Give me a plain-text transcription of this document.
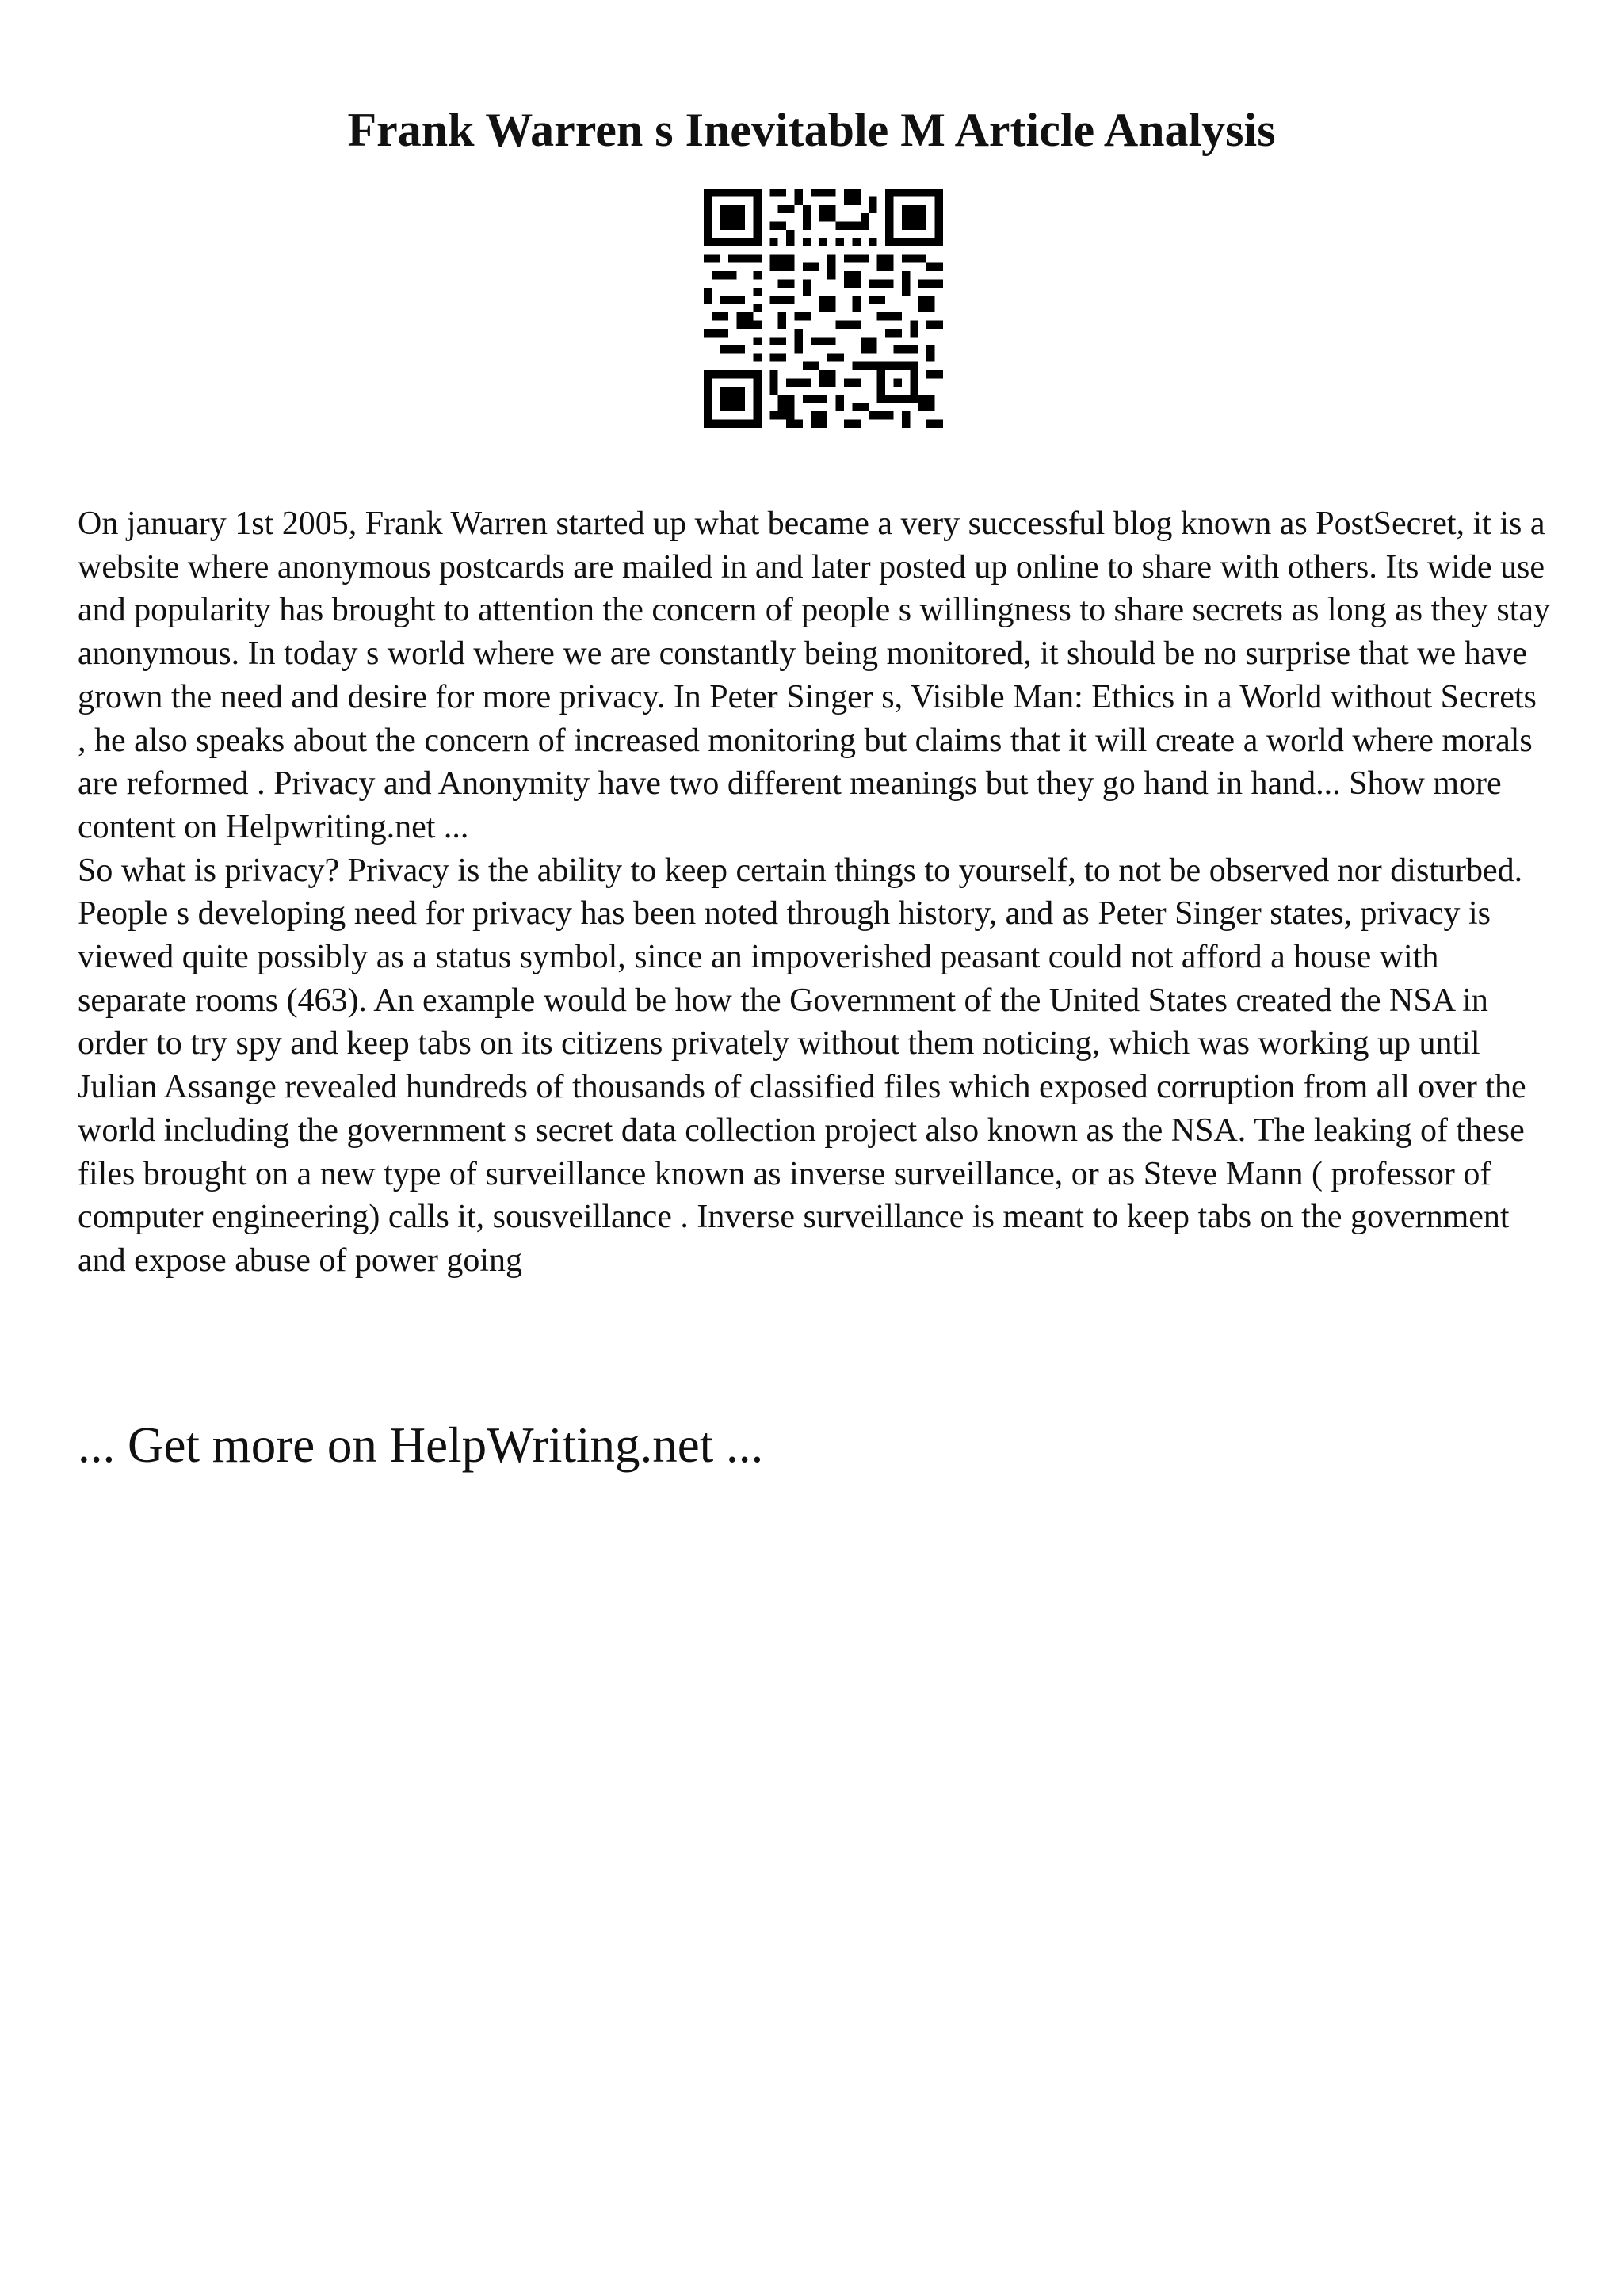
Frank Warren s Inevitable M Article Analysis

On january 1st 2005, Frank Warren started up what became a very successful blog known as PostSecret, it is a website where anonymous postcards are mailed in and later posted up online to share with others. Its wide use and popularity has brought to attention the concern of people s willingness to share secrets as long as they stay anonymous. In today s world where we are constantly being monitored, it should be no surprise that we have grown the need and desire for more privacy. In Peter Singer s, Visible Man: Ethics in a World without Secrets , he also speaks about the concern of increased monitoring but claims that it will create a world where morals are reformed . Privacy and Anonymity have two different meanings but they go hand in hand... Show more content on Helpwriting.net ...

So what is privacy? Privacy is the ability to keep certain things to yourself, to not be observed nor disturbed. People s developing need for privacy has been noted through history, and as Peter Singer states, privacy is viewed quite possibly as a status symbol, since an impoverished peasant could not afford a house with separate rooms (463). An example would be how the Government of the United States created the NSA in order to try spy and keep tabs on its citizens privately without them noticing, which was working up until Julian Assange revealed hundreds of thousands of classified files which exposed corruption from all over the world including the government s secret data collection project also known as the NSA. The leaking of these files brought on a new type of surveillance known as inverse surveillance, or as Steve Mann ( professor of computer engineering) calls it, sousveillance . Inverse surveillance is meant to keep tabs on the government and expose abuse of power going

... Get more on HelpWriting.net ...
